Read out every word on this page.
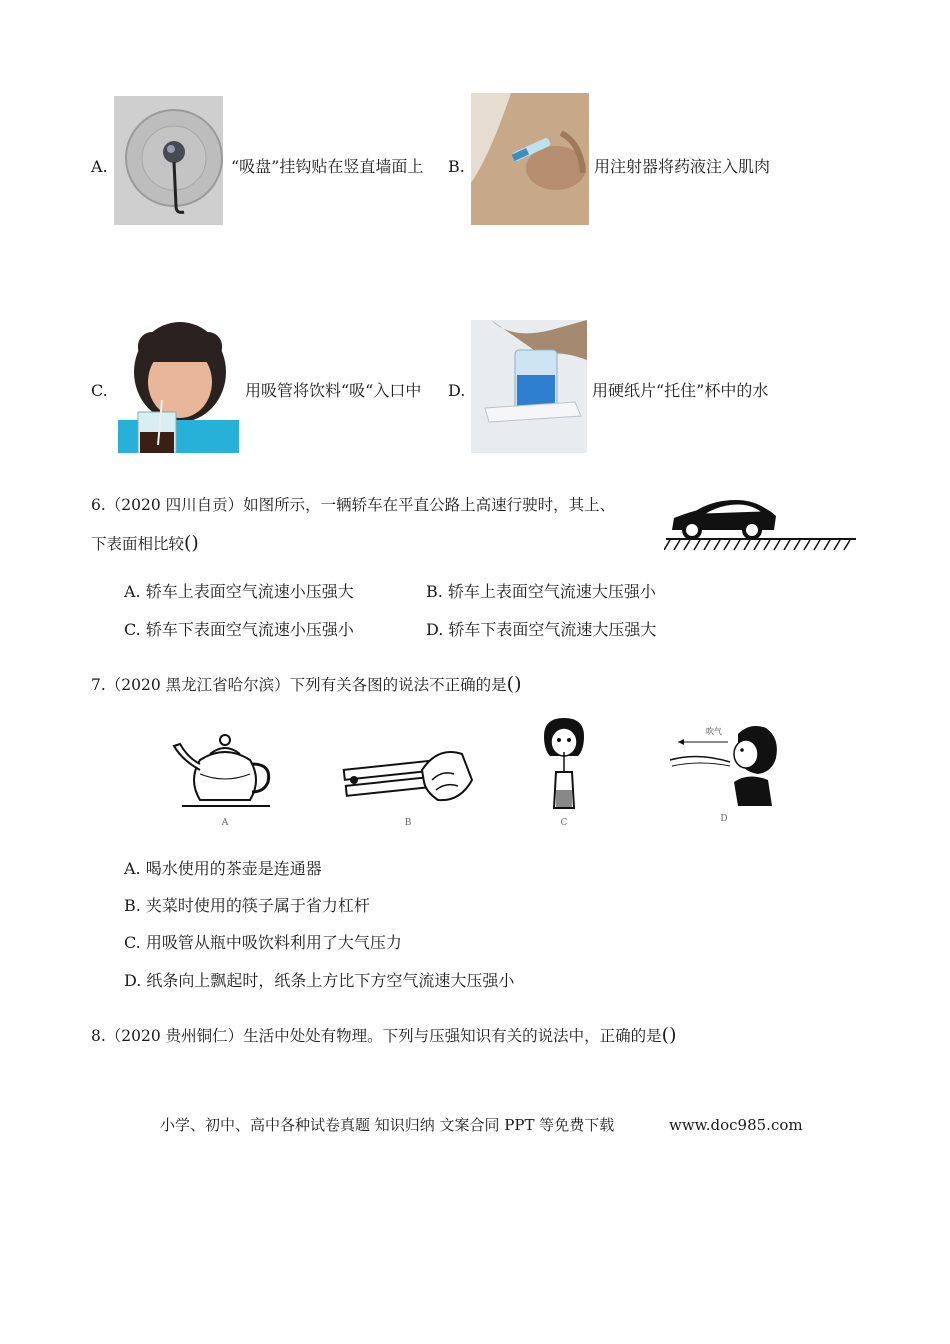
A.	“吸盘”挂钩贴在竖直墙面上 B.	用注射器将药液注入肌肉
C.	用吸管将饮料“吸“入口中 D.	用硬纸片“托住”杯中的水
6.（2020 四川自贡）如图所示，一辆轿车在平直公路上高速行驶时，其上、
下表面相比较()
A. 轿车上表面空气流速小压强大	B. 轿车上表面空气流速大压强小
C. 轿车下表面空气流速小压强小	D. 轿车下表面空气流速大压强大
7.（2020 黑龙江省哈尔滨）下列有关各图的说法不正确的是()
A	B	C
吹气
D
A. 喝水使用的茶壶是连通器
B. 夹菜时使用的筷子属于省力杠杆
C. 用吸管从瓶中吸饮料利用了大气压力
D. 纸条向上飘起时，纸条上方比下方空气流速大压强小
8.（2020 贵州铜仁）生活中处处有物理。下列与压强知识有关的说法中，正确的是()
小学、初中、高中各种试卷真题 知识归纳 文案合同 PPT 等免费下载	www.doc985.com
